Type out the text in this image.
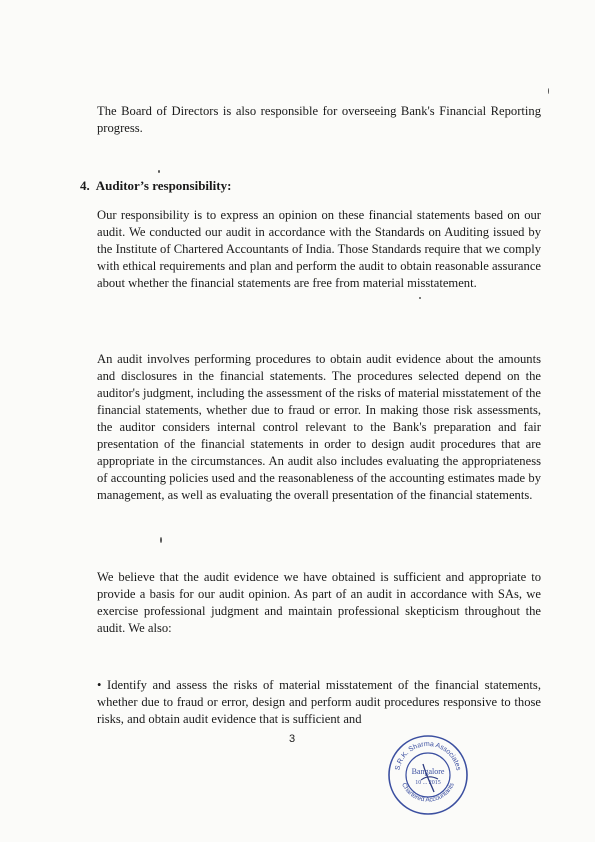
The Board of Directors is also responsible for overseeing Bank's Financial Reporting progress.

4. Auditor’s responsibility:

Our responsibility is to express an opinion on these financial statements based on our audit. We conducted our audit in accordance with the Standards on Auditing issued by the Institute of Chartered Accountants of India. Those Standards require that we comply with ethical requirements and plan and perform the audit to obtain reasonable assurance about whether the financial statements are free from material misstatement.

An audit involves performing procedures to obtain audit evidence about the amounts and disclosures in the financial statements. The procedures selected depend on the auditor's judgment, including the assessment of the risks of material misstatement of the financial statements, whether due to fraud or error. In making those risk assessments, the auditor considers internal control relevant to the Bank's preparation and fair presentation of the financial statements in order to design audit procedures that are appropriate in the circumstances. An audit also includes evaluating the appropriateness of accounting policies used and the reasonableness of the accounting estimates made by management, as well as evaluating the overall presentation of the financial statements.

We believe that the audit evidence we have obtained is sufficient and appropriate to provide a basis for our audit opinion. As part of an audit in accordance with SAs, we exercise professional judgment and maintain professional skepticism throughout the audit. We also:

• Identify and assess the risks of material misstatement of the financial statements, whether due to fraud or error, design and perform audit procedures responsive to those risks, and obtain audit evidence that is sufficient and

3
S.R.K. Sharma Associates
Chartered Accountants
Bangalore
10 ... 2015
